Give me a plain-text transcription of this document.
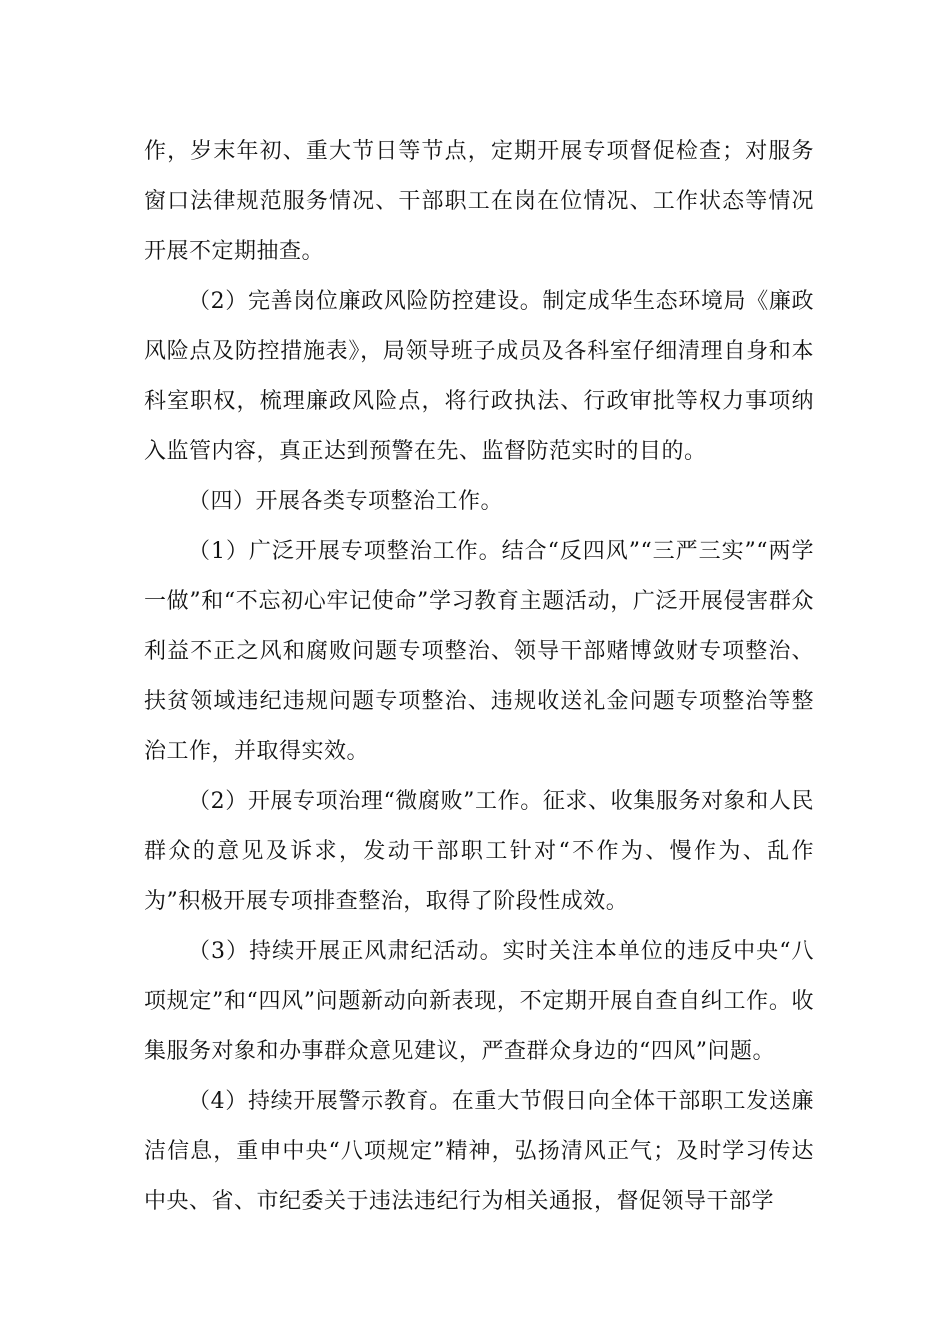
作，岁末年初、重大节日等节点，定期开展专项督促检查；对服务窗口法律规范服务情况、干部职工在岗在位情况、工作状态等情况开展不定期抽查。

（2）完善岗位廉政风险防控建设。制定成华生态环境局《廉政风险点及防控措施表》，局领导班子成员及各科室仔细清理自身和本科室职权，梳理廉政风险点，将行政执法、行政审批等权力事项纳入监管内容，真正达到预警在先、监督防范实时的目的。

（四）开展各类专项整治工作。

（1）广泛开展专项整治工作。结合“反四风”“三严三实”“两学一做”和“不忘初心牢记使命”学习教育主题活动，广泛开展侵害群众利益不正之风和腐败问题专项整治、领导干部赌博敛财专项整治、扶贫领域违纪违规问题专项整治、违规收送礼金问题专项整治等整治工作，并取得实效。

（2）开展专项治理“微腐败”工作。征求、收集服务对象和人民群众的意见及诉求，发动干部职工针对“不作为、慢作为、乱作为”积极开展专项排查整治，取得了阶段性成效。

（3）持续开展正风肃纪活动。实时关注本单位的违反中央“八项规定”和“四风”问题新动向新表现，不定期开展自查自纠工作。收集服务对象和办事群众意见建议，严查群众身边的“四风”问题。

（4）持续开展警示教育。在重大节假日向全体干部职工发送廉洁信息，重申中央“八项规定”精神，弘扬清风正气；及时学习传达中央、省、市纪委关于违法违纪行为相关通报，督促领导干部学
